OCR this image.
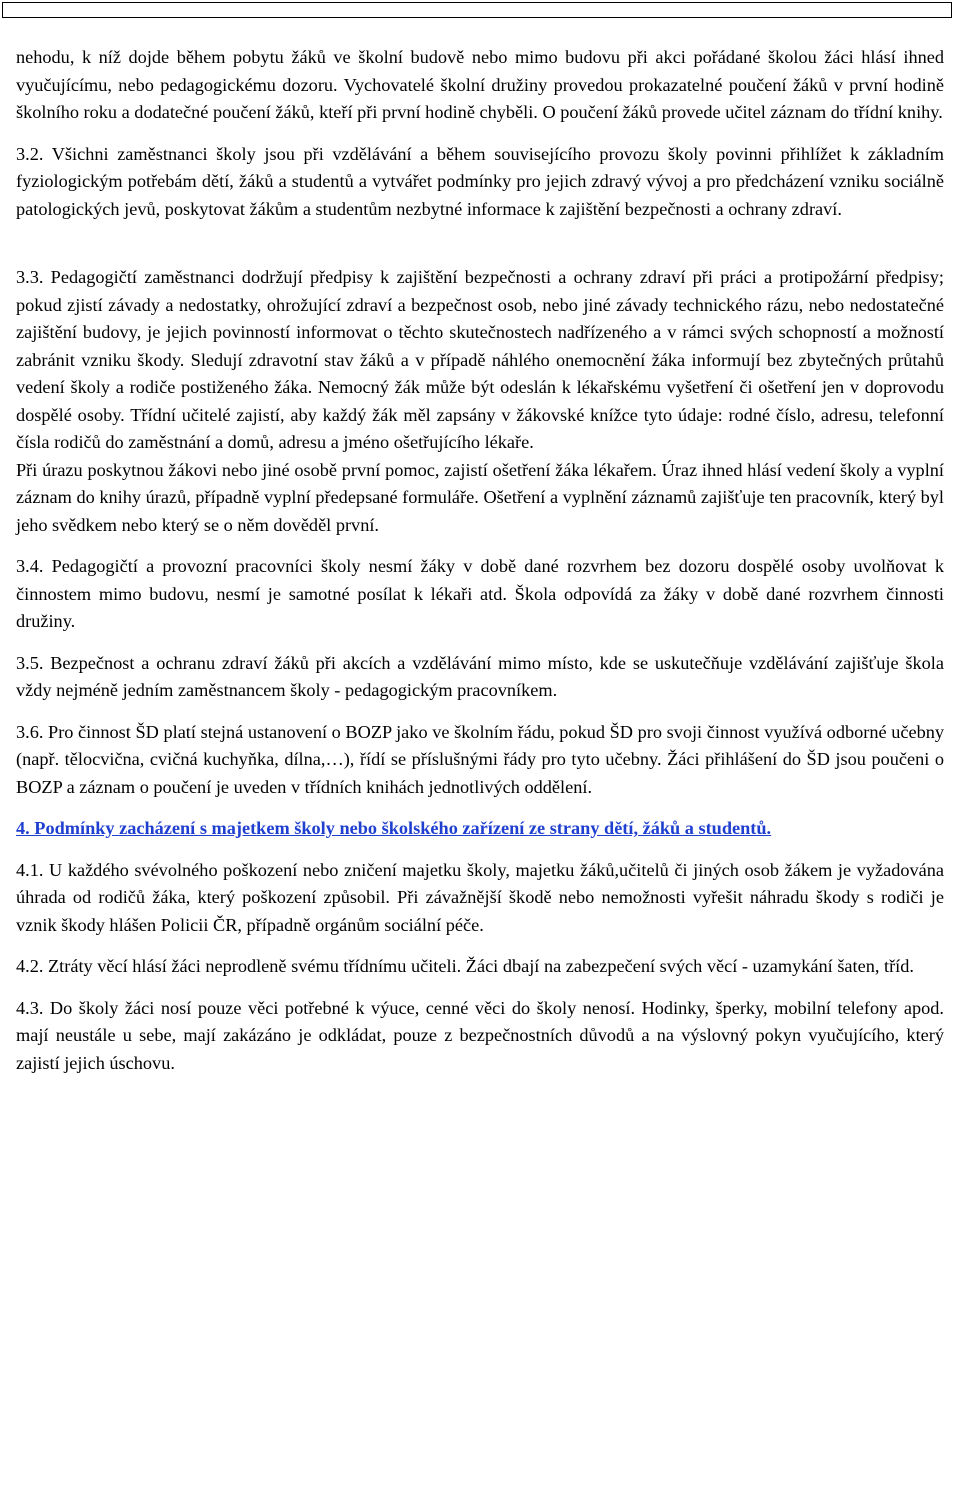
nehodu, k níž dojde během pobytu žáků ve školní budově nebo mimo budovu při akci pořádané školou žáci hlásí ihned vyučujícímu, nebo pedagogickému dozoru. Vychovatelé školní družiny provedou prokazatelné poučení žáků v první hodině školního roku a dodatečné poučení žáků, kteří při první hodině chyběli. O poučení žáků provede učitel záznam do třídní knihy.

3.2. Všichni zaměstnanci školy jsou při vzdělávání a během souvisejícího provozu školy povinni přihlížet k základním fyziologickým potřebám dětí, žáků a studentů a vytvářet podmínky pro jejich zdravý vývoj a pro předcházení vzniku sociálně patologických jevů, poskytovat žákům a studentům nezbytné informace k zajištění bezpečnosti a ochrany zdraví.

3.3. Pedagogičtí zaměstnanci dodržují předpisy k zajištění bezpečnosti a ochrany zdraví při práci a protipožární předpisy; pokud zjistí závady a nedostatky, ohrožující zdraví a bezpečnost osob, nebo jiné závady technického rázu, nebo nedostatečné zajištění budovy, je jejich povinností informovat o těchto skutečnostech nadřízeného a v rámci svých schopností a možností zabránit vzniku škody. Sledují zdravotní stav žáků a v případě náhlého onemocnění žáka informují bez zbytečných průtahů vedení školy a rodiče postiženého žáka. Nemocný žák může být odeslán k lékařskému vyšetření či ošetření jen v doprovodu dospělé osoby. Třídní učitelé zajistí, aby každý žák měl zapsány v žákovské knížce tyto údaje: rodné číslo, adresu, telefonní čísla rodičů do zaměstnání a domů, adresu a jméno ošetřujícího lékaře.

Při úrazu poskytnou žákovi nebo jiné osobě první pomoc, zajistí ošetření žáka lékařem. Úraz ihned hlásí vedení školy a vyplní záznam do knihy úrazů, případně vyplní předepsané formuláře. Ošetření a vyplnění záznamů zajišťuje ten pracovník, který byl jeho svědkem nebo který se o něm dověděl první.

3.4. Pedagogičtí a provozní pracovníci školy nesmí žáky v době dané rozvrhem bez dozoru dospělé osoby uvolňovat k činnostem mimo budovu, nesmí je samotné posílat k lékaři atd. Škola odpovídá za žáky v době dané rozvrhem činnosti družiny.

3.5. Bezpečnost a ochranu zdraví žáků při akcích a vzdělávání mimo místo, kde se uskutečňuje vzdělávání zajišťuje škola vždy nejméně jedním zaměstnancem školy - pedagogickým pracovníkem.

3.6. Pro činnost ŠD platí stejná ustanovení o BOZP jako ve školním řádu, pokud ŠD pro svoji činnost využívá odborné učebny (např. tělocvična, cvičná kuchyňka, dílna,…), řídí se příslušnými řády pro tyto učebny. Žáci přihlášení do ŠD jsou poučeni o BOZP a záznam o poučení je uveden v třídních knihách jednotlivých oddělení.

4. Podmínky zacházení s majetkem školy nebo školského zařízení ze strany dětí, žáků a studentů.

4.1. U každého svévolného poškození nebo zničení majetku školy, majetku žáků,učitelů či jiných osob žákem je vyžadována úhrada od rodičů žáka, který poškození způsobil. Při závažnější škodě nebo nemožnosti vyřešit náhradu škody s rodiči je vznik škody hlášen Policii ČR, případně orgánům sociální péče.

4.2. Ztráty věcí hlásí žáci neprodleně svému třídnímu učiteli. Žáci dbají na zabezpečení svých věcí - uzamykání šaten, tříd.

4.3. Do školy žáci nosí pouze věci potřebné k výuce, cenné věci do školy nenosí. Hodinky, šperky, mobilní telefony apod. mají neustále u sebe, mají zakázáno je odkládat, pouze z bezpečnostních důvodů a na výslovný pokyn vyučujícího, který zajistí jejich úschovu.
